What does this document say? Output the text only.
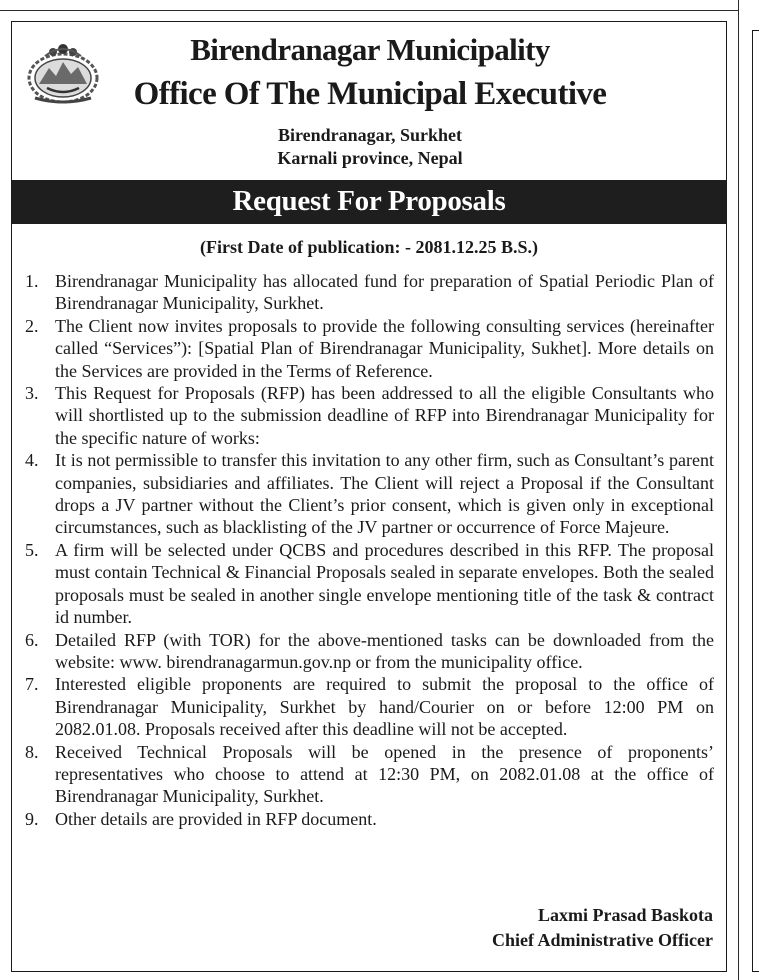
Birendranagar Municipality
Office Of The Municipal Executive
Birendranagar, Surkhet
Karnali province, Nepal
Request For Proposals
(First Date of publication: - 2081.12.25 B.S.)
1. Birendranagar Municipality has allocated fund for preparation of Spatial Periodic Plan of Birendranagar Municipality, Surkhet.
2. The Client now invites proposals to provide the following consulting services (hereinafter called “Services”): [Spatial Plan of Birendranagar Municipality, Sukhet]. More details on the Services are provided in the Terms of Reference.
3. This Request for Proposals (RFP) has been addressed to all the eligible Consultants who will shortlisted up to the submission deadline of RFP into Birendranagar Municipality for the specific nature of works:
4. It is not permissible to transfer this invitation to any other firm, such as Consultant’s parent companies, subsidiaries and affiliates. The Client will reject a Proposal if the Consultant drops a JV partner without the Client’s prior consent, which is given only in exceptional circumstances, such as blacklisting of the JV partner or occurrence of Force Majeure.
5. A firm will be selected under QCBS and procedures described in this RFP. The proposal must contain Technical & Financial Proposals sealed in separate envelopes. Both the sealed proposals must be sealed in another single envelope mentioning title of the task & contract id number.
6. Detailed RFP (with TOR) for the above-mentioned tasks can be downloaded from the website: www. birendranagarmun.gov.np or from the municipality office.
7. Interested eligible proponents are required to submit the proposal to the office of Birendranagar Municipality, Surkhet by hand/Courier on or before 12:00 PM on 2082.01.08. Proposals received after this deadline will not be accepted.
8. Received Technical Proposals will be opened in the presence of proponents’ representatives who choose to attend at 12:30 PM, on 2082.01.08 at the office of Birendranagar Municipality, Surkhet.
9. Other details are provided in RFP document.
Laxmi Prasad Baskota
Chief Administrative Officer
